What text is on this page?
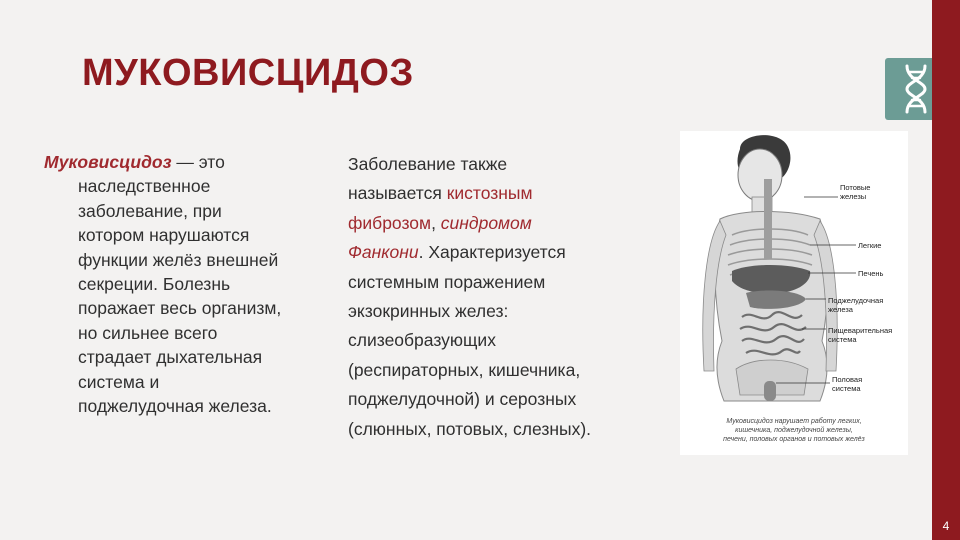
МУКОВИСЦИДОЗ
4
Муковисцидоз — это
наследственное
заболевание, при
котором нарушаются
функции желёз внешней
секреции. Болезнь
поражает весь организм,
но сильнее всего
страдает дыхательная
система и
поджелудочная железа.
Заболевание также
называется кистозным
фиброзом, синдромом
Фанкони. Характеризуется
системным поражением
экзокринных желез:
слизеобразующих
(респираторных, кишечника,
поджелудочной) и серозных
(слюнных, потовых, слезных).
Потовые
железы
Легкие
Печень
Поджелудочная
железа
Пищеварительная
система
Половая
система
Муковисцидоз нарушает работу легких,
кишечника, поджелудочной железы,
печени, половых органов и потовых желёз
